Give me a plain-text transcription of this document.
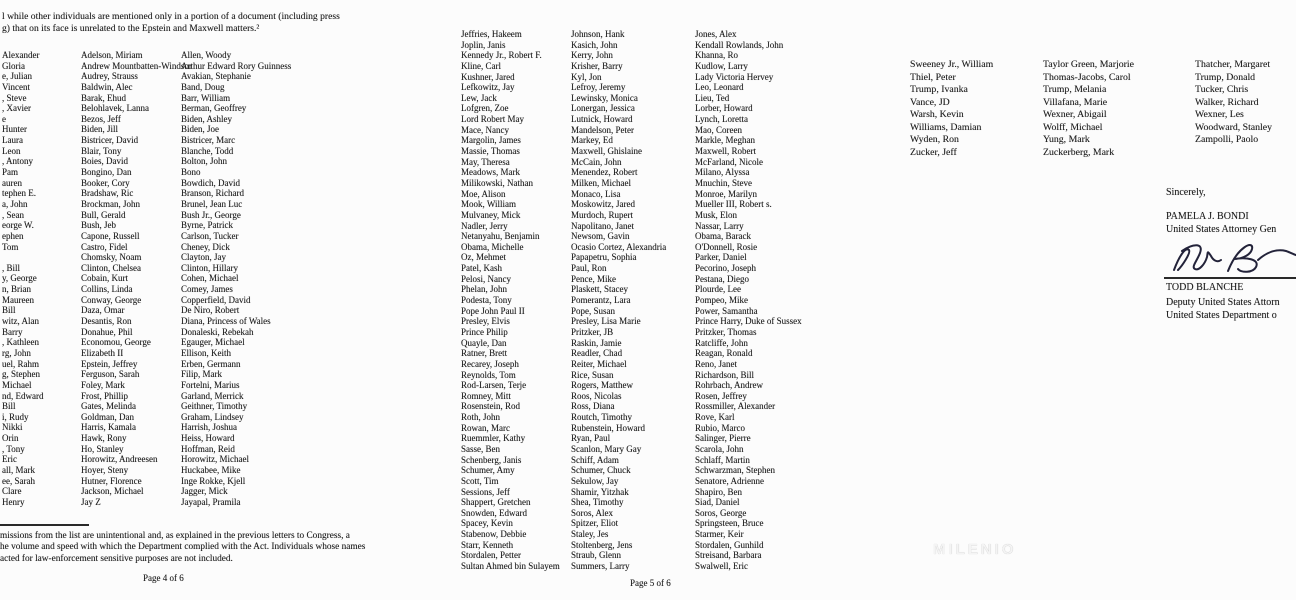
l while other individuals are mentioned only in a portion of a document (including press
g) that on its face is unrelated to the Epstein and Maxwell matters.²
Alexander
Gloria
e, Julian
Vincent
, Steve
, Xavier
e
Hunter
Laura
Leon
, Antony
Pam
auren
tephen E.
a, John
, Sean
eorge W.
ephen
Tom

, Bill
y, George
n, Brian
Maureen
Bill
witz, Alan
Barry
, Kathleen
rg, John
uel, Rahm
g, Stephen
Michael
nd, Edward
Bill
i, Rudy
Nikki
Orin
, Tony
Eric
all, Mark
ee, Sarah
Clare
Henry
Adelson, Miriam
Andrew Mountbatten-Windsor
Audrey, Strauss
Baldwin, Alec
Barak, Ehud
Belohlavek, Lanna
Bezos, Jeff
Biden, Jill
Bistricer, David
Blair, Tony
Boies, David
Bongino, Dan
Booker, Cory
Bradshaw, Ric
Brockman, John
Bull, Gerald
Bush, Jeb
Capone, Russell
Castro, Fidel
Chomsky, Noam
Clinton, Chelsea
Cobain, Kurt
Collins, Linda
Conway, George
Daza, Omar
Desantis, Ron
Donahue, Phil
Economou, George
Elizabeth II
Epstein, Jeffrey
Ferguson, Sarah
Foley, Mark
Frost, Phillip
Gates, Melinda
Goldman, Dan
Harris, Kamala
Hawk, Rony
Ho, Stanley
Horowitz, Andreesen
Hoyer, Steny
Hutner, Florence
Jackson, Michael
Jay Z
Allen, Woody
Arthur Edward Rory Guinness
Avakian, Stephanie
Band, Doug
Barr, William
Berman, Geoffrey
Biden, Ashley
Biden, Joe
Bistricer, Marc
Blanche, Todd
Bolton, John
Bono
Bowdich, David
Branson, Richard
Brunel, Jean Luc
Bush Jr., George
Byrne, Patrick
Carlson, Tucker
Cheney, Dick
Clayton, Jay
Clinton, Hillary
Cohen, Michael
Comey, James
Copperfield, David
De Niro, Robert
Diana, Princess of Wales
Donaleski, Rebekah
Egauger, Michael
Ellison, Keith
Erben, Germann
Filip, Mark
Fortelni, Marius
Garland, Merrick
Geithner, Timothy
Graham, Lindsey
Harrish, Joshua
Heiss, Howard
Hoffman, Reid
Horowitz, Michael
Huckabee, Mike
Inge Rokke, Kjell
Jagger, Mick
Jayapal, Pramila
missions from the list are unintentional and, as explained in the previous letters to Congress, a
he volume and speed with which the Department complied with the Act. Individuals whose names
acted for law-enforcement sensitive purposes are not included.
Page 4 of 6
Jeffries, Hakeem
Joplin, Janis
Kennedy Jr., Robert F.
Kline, Carl
Kushner, Jared
Lefkowitz, Jay
Lew, Jack
Lofgren, Zoe
Lord Robert May
Mace, Nancy
Margolin, James
Massie, Thomas
May, Theresa
Meadows, Mark
Milikowski, Nathan
Moe, Alison
Mook, William
Mulvaney, Mick
Nadler, Jerry
Netanyahu, Benjamin
Obama, Michelle
Oz, Mehmet
Patel, Kash
Pelosi, Nancy
Phelan, John
Podesta, Tony
Pope John Paul II
Presley, Elvis
Prince Philip
Quayle, Dan
Ratner, Brett
Recarey, Joseph
Reynolds, Tom
Rod-Larsen, Terje
Romney, Mitt
Rosenstein, Rod
Roth, John
Rowan, Marc
Ruemmler, Kathy
Sasse, Ben
Schenberg, Janis
Schumer, Amy
Scott, Tim
Sessions, Jeff
Shappert, Gretchen
Snowden, Edward
Spacey, Kevin
Stabenow, Debbie
Starr, Kenneth
Stordalen, Petter
Sultan Ahmed bin Sulayem
Johnson, Hank
Kasich, John
Kerry, John
Krisher, Barry
Kyl, Jon
Lefroy, Jeremy
Lewinsky, Monica
Lonergan, Jessica
Lutnick, Howard
Mandelson, Peter
Markey, Ed
Maxwell, Ghislaine
McCain, John
Menendez, Robert
Milken, Michael
Monaco, Lisa
Moskowitz, Jared
Murdoch, Rupert
Napolitano, Janet
Newsom, Gavin
Ocasio Cortez, Alexandria
Papapetru, Sophia
Paul, Ron
Pence, Mike
Plaskett, Stacey
Pomerantz, Lara
Pope, Susan
Presley, Lisa Marie
Pritzker, JB
Raskin, Jamie
Readler, Chad
Reiter, Michael
Rice, Susan
Rogers, Matthew
Roos, Nicolas
Ross, Diana
Routch, Timothy
Rubenstein, Howard
Ryan, Paul
Scanlon, Mary Gay
Schiff, Adam
Schumer, Chuck
Sekulow, Jay
Shamir, Yitzhak
Shea, Timothy
Soros, Alex
Spitzer, Eliot
Staley, Jes
Stoltenberg, Jens
Straub, Glenn
Summers, Larry
Jones, Alex
Kendall Rowlands, John
Khanna, Ro
Kudlow, Larry
Lady Victoria Hervey
Leo, Leonard
Lieu, Ted
Lorber, Howard
Lynch, Loretta
Mao, Coreen
Markle, Meghan
Maxwell, Robert
McFarland, Nicole
Milano, Alyssa
Mnuchin, Steve
Monroe, Marilyn
Mueller III, Robert s.
Musk, Elon
Nassar, Larry
Obama, Barack
O'Donnell, Rosie
Parker, Daniel
Pecorino, Joseph
Pestana, Diego
Plourde, Lee
Pompeo, Mike
Power, Samantha
Prince Harry, Duke of Sussex
Pritzker, Thomas
Ratcliffe, John
Reagan, Ronald
Reno, Janet
Richardson, Bill
Rohrbach, Andrew
Rosen, Jeffrey
Rossmiller, Alexander
Rove, Karl
Rubio, Marco
Salinger, Pierre
Scarola, John
Schlaff, Martin
Schwarzman, Stephen
Senatore, Adrienne
Shapiro, Ben
Siad, Daniel
Soros, George
Springsteen, Bruce
Starmer, Keir
Stordalen, Gunhild
Streisand, Barbara
Swalwell, Eric
Page 5 of 6
Sweeney Jr., William
Thiel, Peter
Trump, Ivanka
Vance, JD
Warsh, Kevin
Williams, Damian
Wyden, Ron
Zucker, Jeff
Taylor Green, Marjorie
Thomas-Jacobs, Carol
Trump, Melania
Villafana, Marie
Wexner, Abigail
Wolff, Michael
Yung, Mark
Zuckerberg, Mark
Thatcher, Margaret
Trump, Donald
Tucker, Chris
Walker, Richard
Wexner, Les
Woodward, Stanley
Zampolli, Paolo
Sincerely,
PAMELA J. BONDI
United States Attorney Gen
TODD BLANCHE
Deputy United States Attorn
United States Department o
MILENIO
